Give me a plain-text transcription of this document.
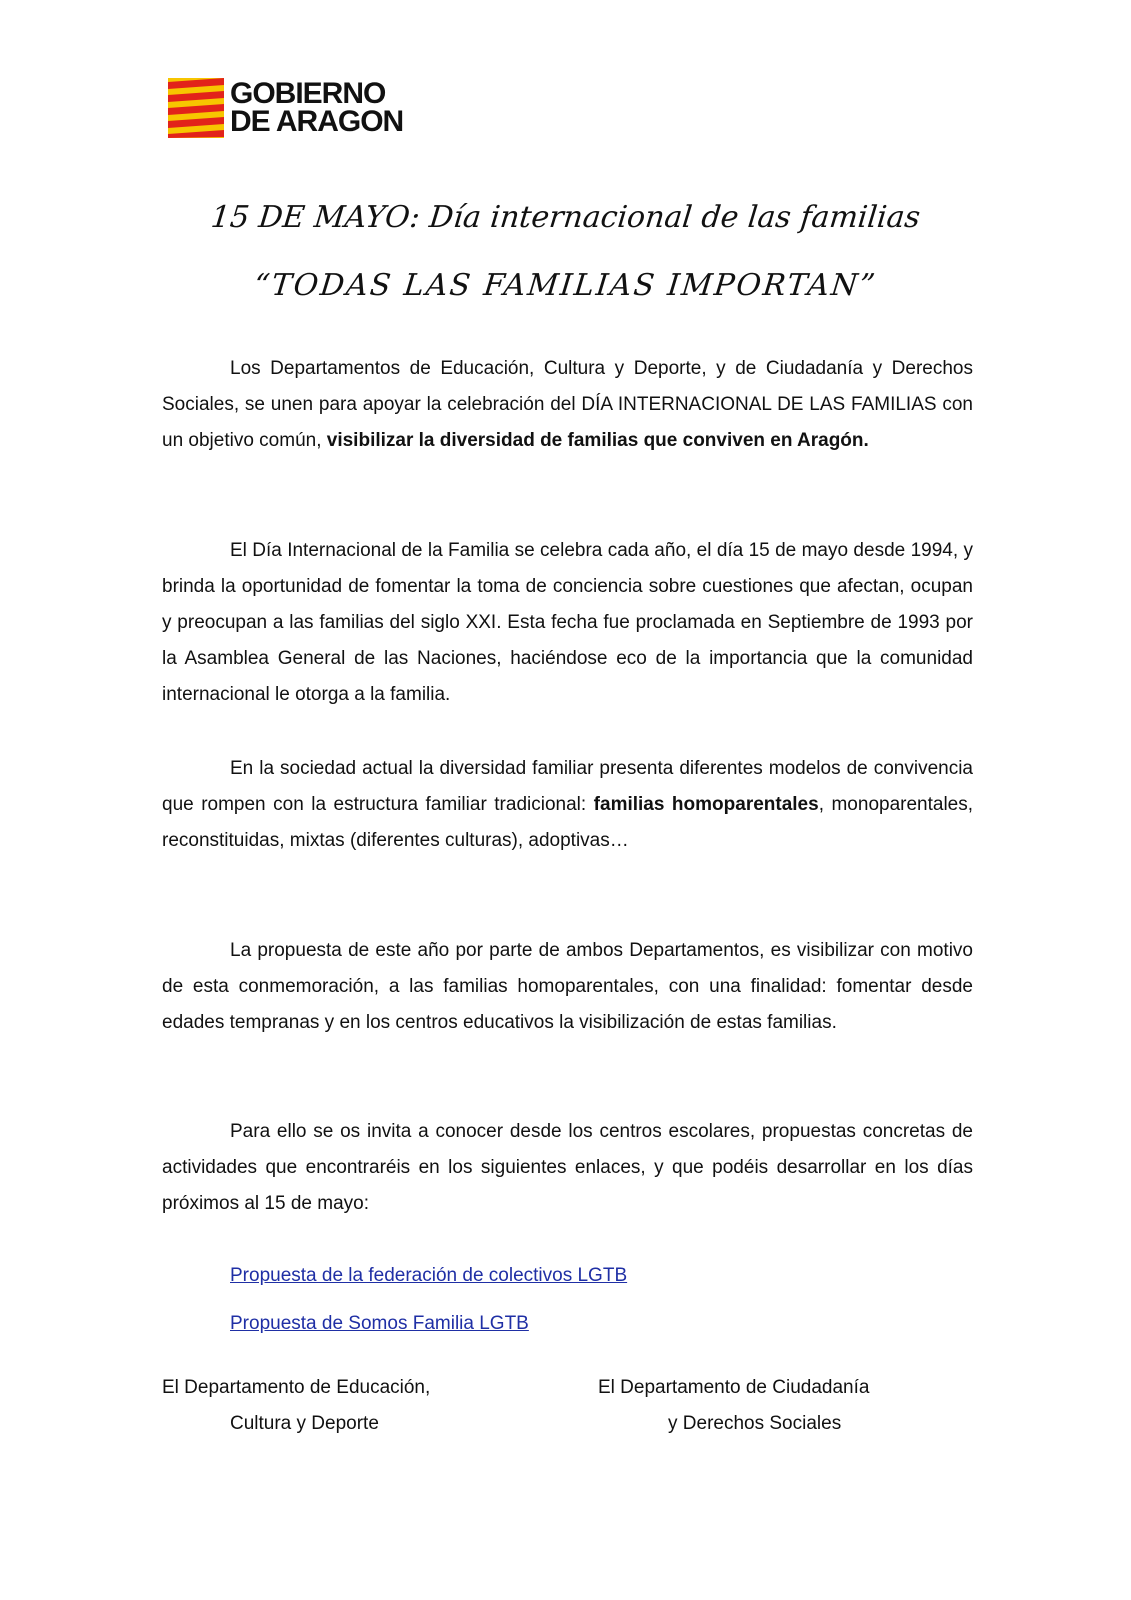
GOBIERNO
DE ARAGON
15 DE MAYO: Día internacional de las familias
“TODAS LAS FAMILIAS IMPORTAN”

Los Departamentos de Educación, Cultura y Deporte, y de Ciudadanía y Derechos Sociales, se unen para apoyar la celebración del DÍA INTERNACIONAL DE LAS FAMILIAS con un objetivo común, visibilizar la diversidad de familias que conviven en Aragón.

El Día Internacional de la Familia se celebra cada año, el día 15 de mayo desde 1994, y brinda la oportunidad de fomentar la toma de conciencia sobre cuestiones que afectan, ocupan y preocupan a las familias del siglo XXI. Esta fecha fue proclamada en Septiembre de 1993 por la Asamblea General de las Naciones, haciéndose eco de la importancia que la comunidad internacional le otorga a la familia.

En la sociedad actual la diversidad familiar presenta diferentes modelos de convivencia que rompen con la estructura familiar tradicional: familias homoparentales, monoparentales, reconstituidas, mixtas (diferentes culturas), adoptivas…

La propuesta de este año por parte de ambos Departamentos, es visibilizar con motivo de esta conmemoración, a las familias homoparentales, con una finalidad: fomentar desde edades tempranas y en los centros educativos la visibilización de estas familias.

Para ello se os invita a conocer desde los centros escolares, propuestas concretas de actividades que encontraréis en los siguientes enlaces, y que podéis desarrollar en los días próximos al 15 de mayo:

Propuesta de la federación de colectivos LGTB
Propuesta de Somos Familia LGTB
El Departamento de Educación,
Cultura y Deporte
El Departamento de Ciudadanía
y Derechos Sociales
